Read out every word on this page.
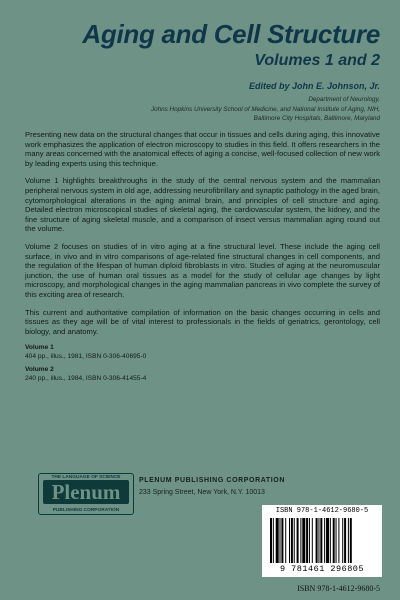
Aging and Cell Structure
Volumes 1 and 2
Edited by John E. Johnson, Jr.
Department of Neurology,
Johns Hopkins University School of Medicine, and National Institute of Aging, NIH,
Baltimore City Hospitals, Baltimore, Maryland

Presenting new data on the structural changes that occur in tissues and cells during aging, this innovative work emphasizes the application of electron microscopy to studies in this field. It offers researchers in the many areas concerned with the anatomical effects of aging a concise, well-focused collection of new work by leading experts using this technique.

Volume 1 highlights breakthroughs in the study of the central nervous system and the mammalian peripheral nervous system in old age, addressing neurofibrillary and synaptic pathology in the aged brain, cytomorphological alterations in the aging animal brain, and principles of cell structure and aging. Detailed electron microscopical studies of skeletal aging, the cardiovascular system, the kidney, and the fine structure of aging skeletal muscle, and a comparison of insect versus mammalian aging round out the volume.

Volume 2 focuses on studies of in vitro aging at a fine structural level. These include the aging cell surface, in vivo and in vitro comparisons of age-related fine structural changes in cell components, and the regulation of the lifespan of human diploid fibroblasts in vitro. Studies of aging at the neuromuscular junction, the use of human oral tissues as a model for the study of cellular age changes by light microscopy, and morphological changes in the aging mammalian pancreas in vivo complete the survey of this exciting area of research.

This current and authoritative compilation of information on the basic changes occurring in cells and tissues as they age will be of vital interest to professionals in the fields of geriatrics, gerontology, cell biology, and anatomy.

Volume 1
404 pp., illus., 1981, ISBN 0-306-40695-0
Volume 2
240 pp., illus., 1984, ISBN 0-306-41455-4
THE LANGUAGE OF SCIENCE
Plenum
PUBLISHING CORPORATION
PLENUM PUBLISHING CORPORATION
233 Spring Street, New York, N.Y. 10013
ISBN 978-1-4612-9680-5
9 781461 296805
ISBN 978-1-4612-9680-5
